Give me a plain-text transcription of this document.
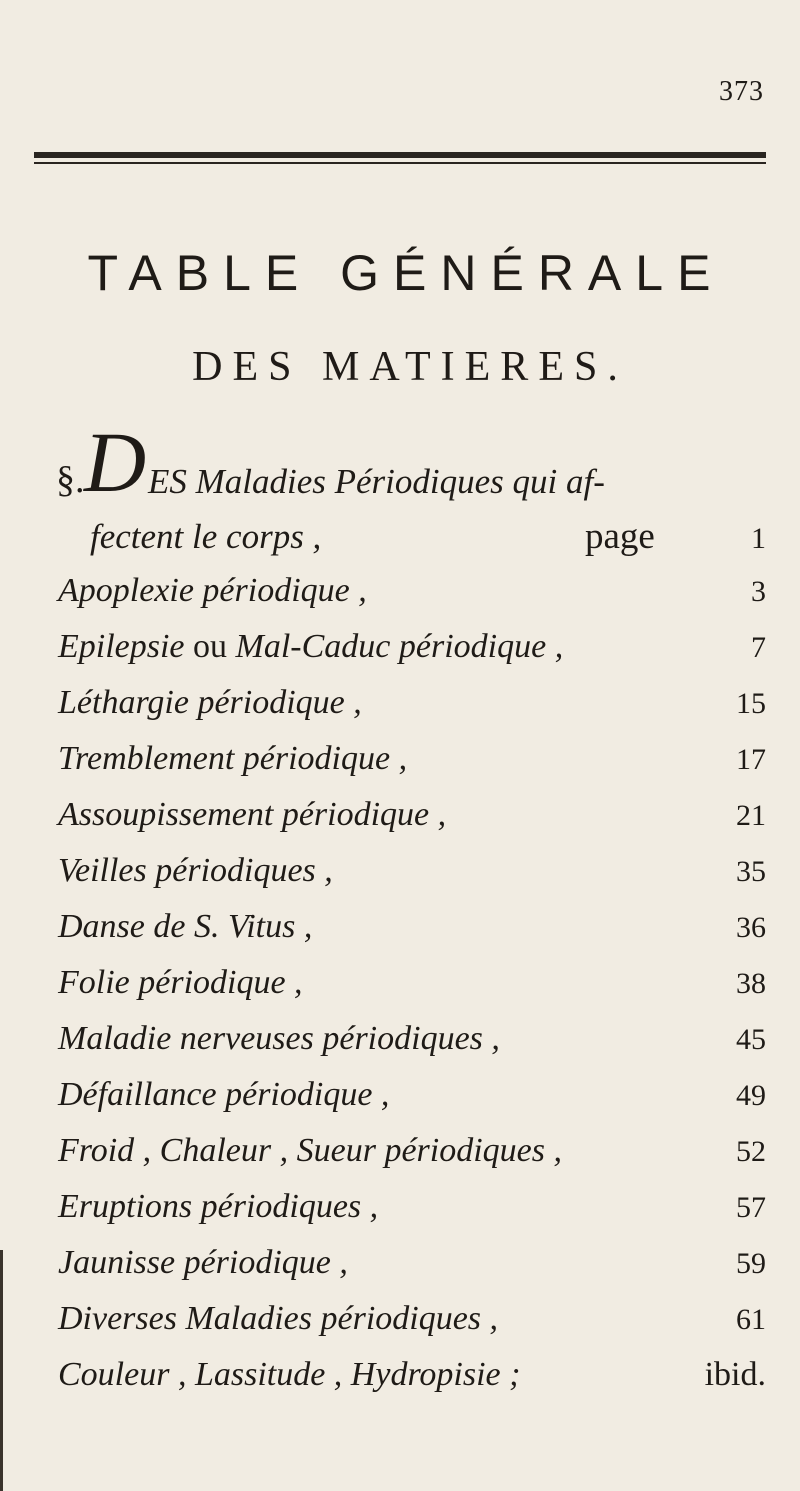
373
TABLE GÉNÉRALE
DES MATIERES.
§. D ES Maladies Périodiques qui af-
fectent le corps ,	page	1
Apoplexie périodique ,	3
Epilepsie ou Mal-Caduc périodique ,	7
Léthargie périodique ,	15
Tremblement périodique ,	17
Assoupissement périodique ,	21
Veilles périodiques ,	35
Danse de S. Vitus ,	36
Folie périodique ,	38
Maladie nerveuses périodiques ,	45
Défaillance périodique ,	49
Froid , Chaleur , Sueur périodiques ,	52
Eruptions périodiques ,	57
Jaunisse périodique ,	59
Diverses Maladies périodiques ,	61
Couleur , Lassitude , Hydropisie ;	ibid.
